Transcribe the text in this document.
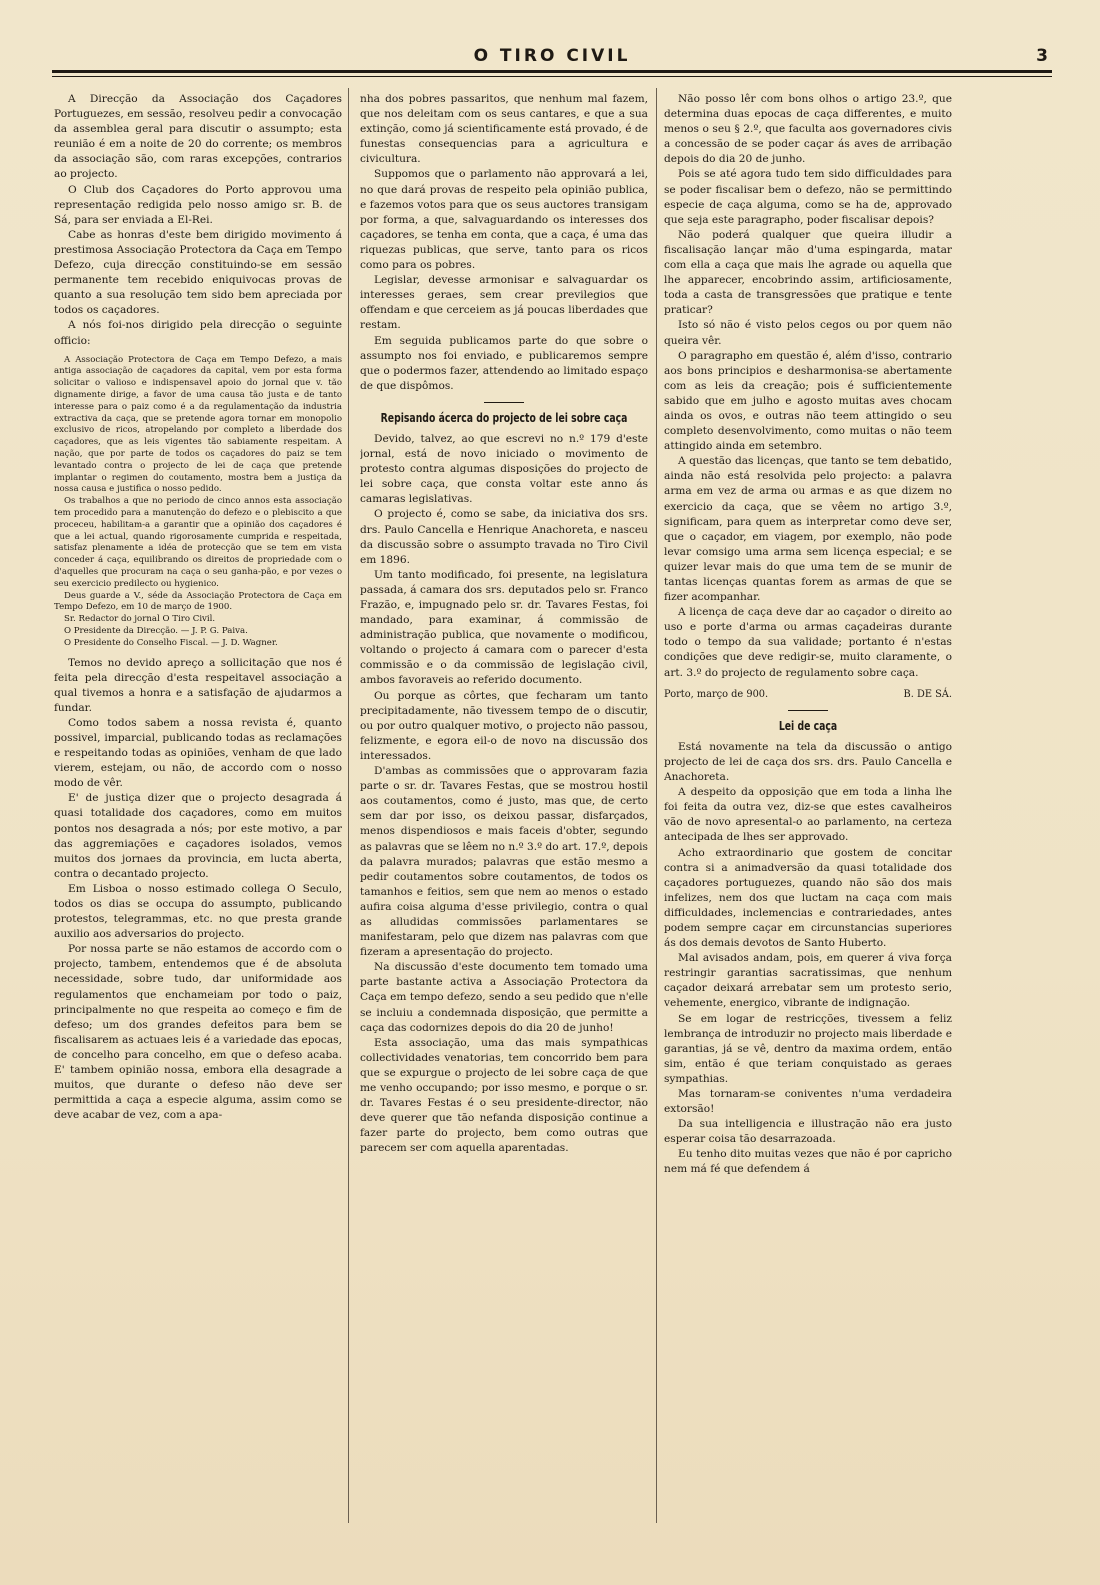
O TIRO CIVIL	3

A Direcção da Associação dos Caçadores Portuguezes, em sessão, resolveu pedir a convocação da assemblea geral para discutir o assumpto; esta reunião é em a noite de 20 do corrente; os membros da associação são, com raras excepções, contrarios ao projecto.

O Club dos Caçadores do Porto approvou uma representação redigida pelo nosso amigo sr. B. de Sá, para ser enviada a El-Rei.

Cabe as honras d'este bem dirigido movimento á prestimosa Associação Protectora da Caça em Tempo Defezo, cuja direcção constituindo-se em sessão permanente tem recebido eniquivocas provas de quanto a sua resolução tem sido bem apreciada por todos os caçadores.

A nós foi-nos dirigido pela direcção o seguinte officio:

A Associação Protectora de Caça em Tempo Defezo, a mais antiga associação de caçadores da capital, vem por esta forma solicitar o valioso e indispensavel apoio do jornal que v. tão dignamente dirige, a favor de uma causa tão justa e de tanto interesse para o paiz como é a da regulamentação da industria extractiva da caça, que se pretende agora tornar em monopolio exclusivo de ricos, atropelando por completo a liberdade dos caçadores, que as leis vigentes tão sabiamente respeitam. A nação, que por parte de todos os caçadores do paiz se tem levantado contra o projecto de lei de caça que pretende implantar o regimen do coutamento, mostra bem a justiça da nossa causa e justifica o nosso pedido.

Os trabalhos a que no periodo de cinco annos esta associação tem procedido para a manutenção do defezo e o plebiscito a que proceceu, habilitam-a a garantir que a opinião dos caçadores é que a lei actual, quando rigorosamente cumprida e respeitada, satisfaz plenamente a idéa de protecção que se tem em vista conceder á caça, equilibrando os direitos de propriedade com o d'aquelles que procuram na caça o seu ganha-pão, e por vezes o seu exercicio predilecto ou hygienico.

Deus guarde a V., séde da Associação Protectora de Caça em Tempo Defezo, em 10 de março de 1900.

Sr. Redactor do jornal O Tiro Civil.

O Presidente da Direcção. — J. P. G. Paiva.

O Presidente do Conselho Fiscal. — J. D. Wagner.

Temos no devido apreço a sollicitação que nos é feita pela direcção d'esta respeitavel associação a qual tivemos a honra e a satisfação de ajudarmos a fundar.

Como todos sabem a nossa revista é, quanto possivel, imparcial, publicando todas as reclamações e respeitando todas as opiniões, venham de que lado vierem, estejam, ou não, de accordo com o nosso modo de vêr.

E' de justiça dizer que o projecto desagrada á quasi totalidade dos caçadores, como em muitos pontos nos desagrada a nós; por este motivo, a par das aggremiações e caçadores isolados, vemos muitos dos jornaes da provincia, em lucta aberta, contra o decantado projecto.

Em Lisboa o nosso estimado collega O Seculo, todos os dias se occupa do assumpto, publicando protestos, telegrammas, etc. no que presta grande auxilio aos adversarios do projecto.

Por nossa parte se não estamos de accordo com o projecto, tambem, entendemos que é de absoluta necessidade, sobre tudo, dar uniformidade aos regulamentos que enchameiam por todo o paiz, principalmente no que respeita ao começo e fim de defeso; um dos grandes defeitos para bem se fiscalisarem as actuaes leis é a variedade das epocas, de concelho para concelho, em que o defeso acaba. E' tambem opinião nossa, embora ella desagrade a muitos, que durante o defeso não deve ser permittida a caça a especie alguma, assim como se deve acabar de vez, com a apa-

nha dos pobres passaritos, que nenhum mal fazem, que nos deleitam com os seus cantares, e que a sua extinção, como já scientificamente está provado, é de funestas consequencias para a agricultura e civicultura.

Suppomos que o parlamento não approvará a lei, no que dará provas de respeito pela opinião publica, e fazemos votos para que os seus auctores transigam por forma, a que, salvaguardando os interesses dos caçadores, se tenha em conta, que a caça, é uma das riquezas publicas, que serve, tanto para os ricos como para os pobres.

Legislar, devesse armonisar e salvaguardar os interesses geraes, sem crear previlegios que offendam e que cerceiem as já poucas liberdades que restam.

Em seguida publicamos parte do que sobre o assumpto nos foi enviado, e publicaremos sempre que o podermos fazer, attendendo ao limitado espaço de que dispômos.

Repisando ácerca do projecto de lei sobre caça

Devido, talvez, ao que escrevi no n.º 179 d'este jornal, está de novo iniciado o movimento de protesto contra algumas disposições do projecto de lei sobre caça, que consta voltar este anno ás camaras legislativas.

O projecto é, como se sabe, da iniciativa dos srs. drs. Paulo Cancella e Henrique Anachoreta, e nasceu da discussão sobre o assumpto travada no Tiro Civil em 1896.

Um tanto modificado, foi presente, na legislatura passada, á camara dos srs. deputados pelo sr. Franco Frazão, e, impugnado pelo sr. dr. Tavares Festas, foi mandado, para examinar, á commissão de administração publica, que novamente o modificou, voltando o projecto á camara com o parecer d'esta commissão e o da commissão de legislação civil, ambos favoraveis ao referido documento.

Ou porque as côrtes, que fecharam um tanto precipitadamente, não tivessem tempo de o discutir, ou por outro qualquer motivo, o projecto não passou, felizmente, e egora eil-o de novo na discussão dos interessados.

D'ambas as commissões que o approvaram fazia parte o sr. dr. Tavares Festas, que se mostrou hostil aos coutamentos, como é justo, mas que, de certo sem dar por isso, os deixou passar, disfarçados, menos dispendiosos e mais faceis d'obter, segundo as palavras que se lêem no n.º 3.º do art. 17.º, depois da palavra murados; palavras que estão mesmo a pedir coutamentos sobre coutamentos, de todos os tamanhos e feitios, sem que nem ao menos o estado aufira coisa alguma d'esse privilegio, contra o qual as alludidas commissões parlamentares se manifestaram, pelo que dizem nas palavras com que fizeram a apresentação do projecto.

Na discussão d'este documento tem tomado uma parte bastante activa a Associação Protectora da Caça em tempo defezo, sendo a seu pedido que n'elle se incluiu a condemnada disposição, que permitte a caça das codornizes depois do dia 20 de junho!

Esta associação, uma das mais sympathicas collectividades venatorias, tem concorrido bem para que se expurgue o projecto de lei sobre caça de que me venho occupando; por isso mesmo, e porque o sr. dr. Tavares Festas é o seu presidente-director, não deve querer que tão nefanda disposição continue a fazer parte do projecto, bem como outras que parecem ser com aquella aparentadas.

Não posso lêr com bons olhos o artigo 23.º, que determina duas epocas de caça differentes, e muito menos o seu § 2.º, que faculta aos governadores civis a concessão de se poder caçar ás aves de arribação depois do dia 20 de junho.

Pois se até agora tudo tem sido difficuldades para se poder fiscalisar bem o defezo, não se permittindo especie de caça alguma, como se ha de, approvado que seja este paragrapho, poder fiscalisar depois?

Não poderá qualquer que queira illudir a fiscalisação lançar mão d'uma espingarda, matar com ella a caça que mais lhe agrade ou aquella que lhe apparecer, encobrindo assim, artificiosamente, toda a casta de transgressões que pratique e tente praticar?

Isto só não é visto pelos cegos ou por quem não queira vêr.

O paragrapho em questão é, além d'isso, contrario aos bons principios e desharmonisa-se abertamente com as leis da creação; pois é sufficientemente sabido que em julho e agosto muitas aves chocam ainda os ovos, e outras não teem attingido o seu completo desenvolvimento, como muitas o não teem attingido ainda em setembro.

A questão das licenças, que tanto se tem debatido, ainda não está resolvida pelo projecto: a palavra arma em vez de arma ou armas e as que dizem no exercicio da caça, que se vêem no artigo 3.º, significam, para quem as interpretar como deve ser, que o caçador, em viagem, por exemplo, não pode levar comsigo uma arma sem licença especial; e se quizer levar mais do que uma tem de se munir de tantas licenças quantas forem as armas de que se fizer acompanhar.

A licença de caça deve dar ao caçador o direito ao uso e porte d'arma ou armas caçadeiras durante todo o tempo da sua validade; portanto é n'estas condições que deve redigir-se, muito claramente, o art. 3.º do projecto de regulamento sobre caça.

Porto, março de 900.	B. DE SÁ.
Lei de caça

Está novamente na tela da discussão o antigo projecto de lei de caça dos srs. drs. Paulo Cancella e Anachoreta.

A despeito da opposição que em toda a linha lhe foi feita da outra vez, diz-se que estes cavalheiros vão de novo apresental-o ao parlamento, na certeza antecipada de lhes ser approvado.

Acho extraordinario que gostem de concitar contra si a animadversão da quasi totalidade dos caçadores portuguezes, quando não são dos mais infelizes, nem dos que luctam na caça com mais difficuldades, inclemencias e contrariedades, antes podem sempre caçar em circunstancias superiores ás dos demais devotos de Santo Huberto.

Mal avisados andam, pois, em querer á viva força restringir garantias sacratissimas, que nenhum caçador deixará arrebatar sem um protesto serio, vehemente, energico, vibrante de indignação.

Se em logar de restricções, tivessem a feliz lembrança de introduzir no projecto mais liberdade e garantias, já se vê, dentro da maxima ordem, então sim, então é que teriam conquistado as geraes sympathias.

Mas tornaram-se coniventes n'uma verdadeira extorsão!

Da sua intelligencia e illustração não era justo esperar coisa tão desarrazoada.

Eu tenho dito muitas vezes que não é por capricho nem má fé que defendem á
